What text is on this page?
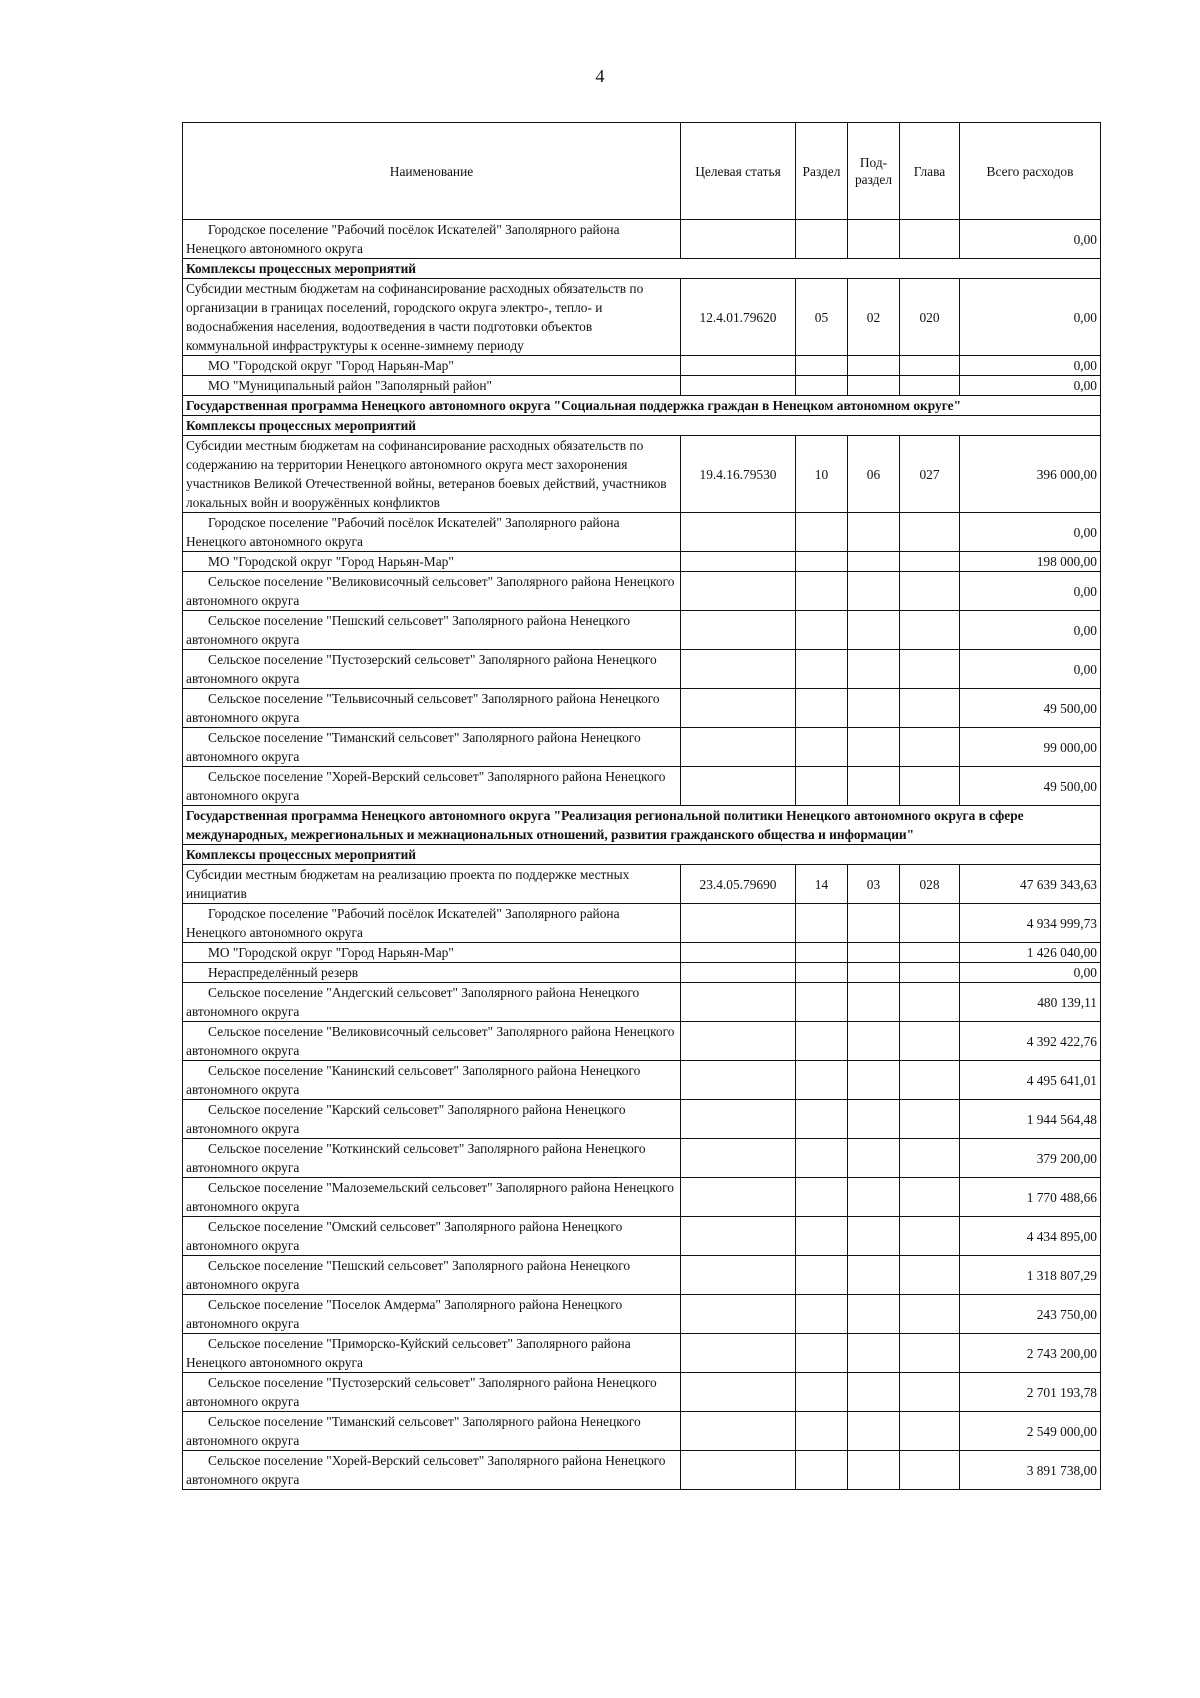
4
Наименование	Целевая статья	Раздел	Под-раздел	Глава	Всего расходов
Городское поселение "Рабочий посёлок Искателей" Заполярного района Ненецкого автономного округа					0,00
Комплексы процессных мероприятий					
Субсидии местным бюджетам на софинансирование расходных обязательств по организации в границах поселений, городского округа электро-, тепло- и водоснабжения населения, водоотведения в части подготовки объектов коммунальной инфраструктуры к осенне-зимнему периоду	12.4.01.79620	05	02	020	0,00
МО "Городской округ "Город Нарьян-Мар"					0,00
МО "Муниципальный район "Заполярный район"					0,00
Государственная программа Ненецкого автономного округа "Социальная поддержка граждан в Ненецком автономном округе"					
Комплексы процессных мероприятий					
Субсидии местным бюджетам на софинансирование расходных обязательств по содержанию на территории Ненецкого автономного округа мест захоронения участников Великой Отечественной войны, ветеранов боевых действий, участников локальных войн и вооружённых конфликтов	19.4.16.79530	10	06	027	396 000,00
Городское поселение "Рабочий посёлок Искателей" Заполярного района Ненецкого автономного округа					0,00
МО "Городской округ "Город Нарьян-Мар"					198 000,00
Сельское поселение "Великовисочный сельсовет" Заполярного района Ненецкого автономного округа					0,00
Сельское поселение "Пешский сельсовет" Заполярного района Ненецкого автономного округа					0,00
Сельское поселение "Пустозерский сельсовет" Заполярного района Ненецкого автономного округа					0,00
Сельское поселение "Тельвисочный сельсовет" Заполярного района Ненецкого автономного округа					49 500,00
Сельское поселение "Тиманский сельсовет" Заполярного района Ненецкого автономного округа					99 000,00
Сельское поселение "Хорей-Верский сельсовет" Заполярного района Ненецкого автономного округа					49 500,00
Государственная программа Ненецкого автономного округа "Реализация региональной политики Ненецкого автономного округа в сфере международных, межрегиональных и межнациональных отношений, развития гражданского общества и информации"					
Комплексы процессных мероприятий					
Субсидии местным бюджетам на реализацию проекта по поддержке местных инициатив	23.4.05.79690	14	03	028	47 639 343,63
Городское поселение "Рабочий посёлок Искателей" Заполярного района Ненецкого автономного округа					4 934 999,73
МО "Городской округ "Город Нарьян-Мар"					1 426 040,00
Нераспределённый резерв					0,00
Сельское поселение "Андегский сельсовет" Заполярного района Ненецкого автономного округа					480 139,11
Сельское поселение "Великовисочный сельсовет" Заполярного района Ненецкого автономного округа					4 392 422,76
Сельское поселение "Канинский сельсовет" Заполярного района Ненецкого автономного округа					4 495 641,01
Сельское поселение "Карский сельсовет" Заполярного района Ненецкого автономного округа					1 944 564,48
Сельское поселение "Коткинский сельсовет" Заполярного района Ненецкого автономного округа					379 200,00
Сельское поселение "Малоземельский сельсовет" Заполярного района Ненецкого автономного округа					1 770 488,66
Сельское поселение "Омский сельсовет" Заполярного района Ненецкого автономного округа					4 434 895,00
Сельское поселение "Пешский сельсовет" Заполярного района Ненецкого автономного округа					1 318 807,29
Сельское поселение "Поселок Амдерма" Заполярного района Ненецкого автономного округа					243 750,00
Сельское поселение "Приморско-Куйский сельсовет" Заполярного района Ненецкого автономного округа					2 743 200,00
Сельское поселение "Пустозерский сельсовет" Заполярного района Ненецкого автономного округа					2 701 193,78
Сельское поселение "Тиманский сельсовет" Заполярного района Ненецкого автономного округа					2 549 000,00
Сельское поселение "Хорей-Верский сельсовет" Заполярного района Ненецкого автономного округа					3 891 738,00
